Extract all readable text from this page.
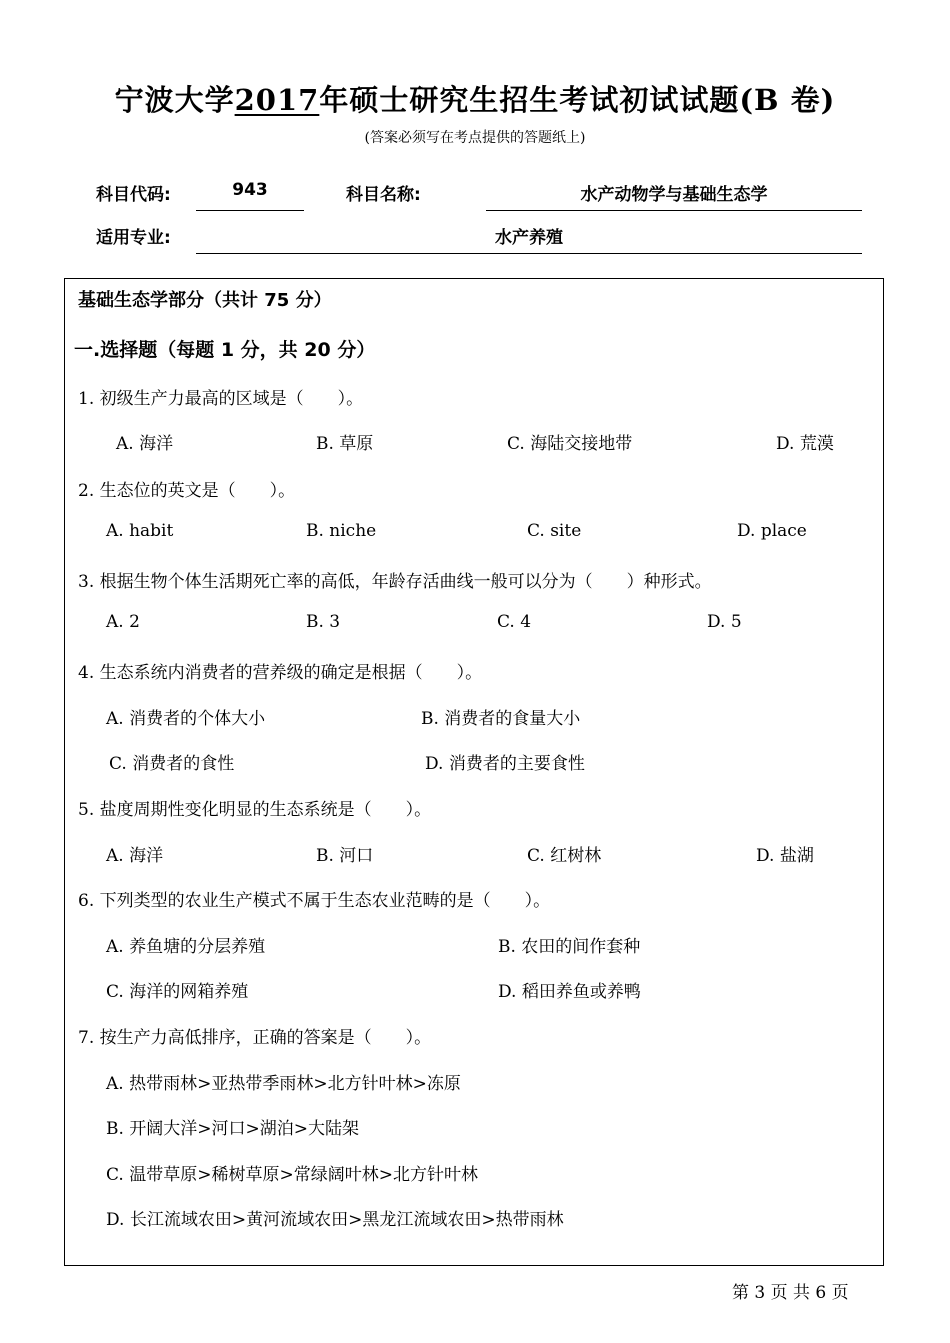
宁波大学2017年硕士研究生招生考试初试试题(B 卷)
(答案必须写在考点提供的答题纸上)
科目代码:	943	科目名称:	水产动物学与基础生态学
适用专业:	水产养殖
基础生态学部分（共计 75 分）
一.选择题（每题 1 分，共 20 分）
1. 初级生产力最高的区域是（　　）。
A. 海洋	B. 草原	C. 海陆交接地带	D. 荒漠
2. 生态位的英文是（　　）。
A. habit	B. niche	C. site	D. place
3. 根据生物个体生活期死亡率的高低，年龄存活曲线一般可以分为（　　）种形式。
A. 2	B. 3	C. 4	D. 5
4. 生态系统内消费者的营养级的确定是根据（　　）。
A. 消费者的个体大小	B. 消费者的食量大小
C. 消费者的食性	D. 消费者的主要食性
5. 盐度周期性变化明显的生态系统是（　　）。
A. 海洋	B. 河口	C. 红树林	D. 盐湖
6. 下列类型的农业生产模式不属于生态农业范畴的是（　　）。
A. 养鱼塘的分层养殖	B. 农田的间作套种
C. 海洋的网箱养殖	D. 稻田养鱼或养鸭
7. 按生产力高低排序，正确的答案是（　　）。
A. 热带雨林>亚热带季雨林>北方针叶林>冻原
B. 开阔大洋>河口>湖泊>大陆架
C. 温带草原>稀树草原>常绿阔叶林>北方针叶林
D. 长江流域农田>黄河流域农田>黑龙江流域农田>热带雨林
第 3 页 共 6 页
